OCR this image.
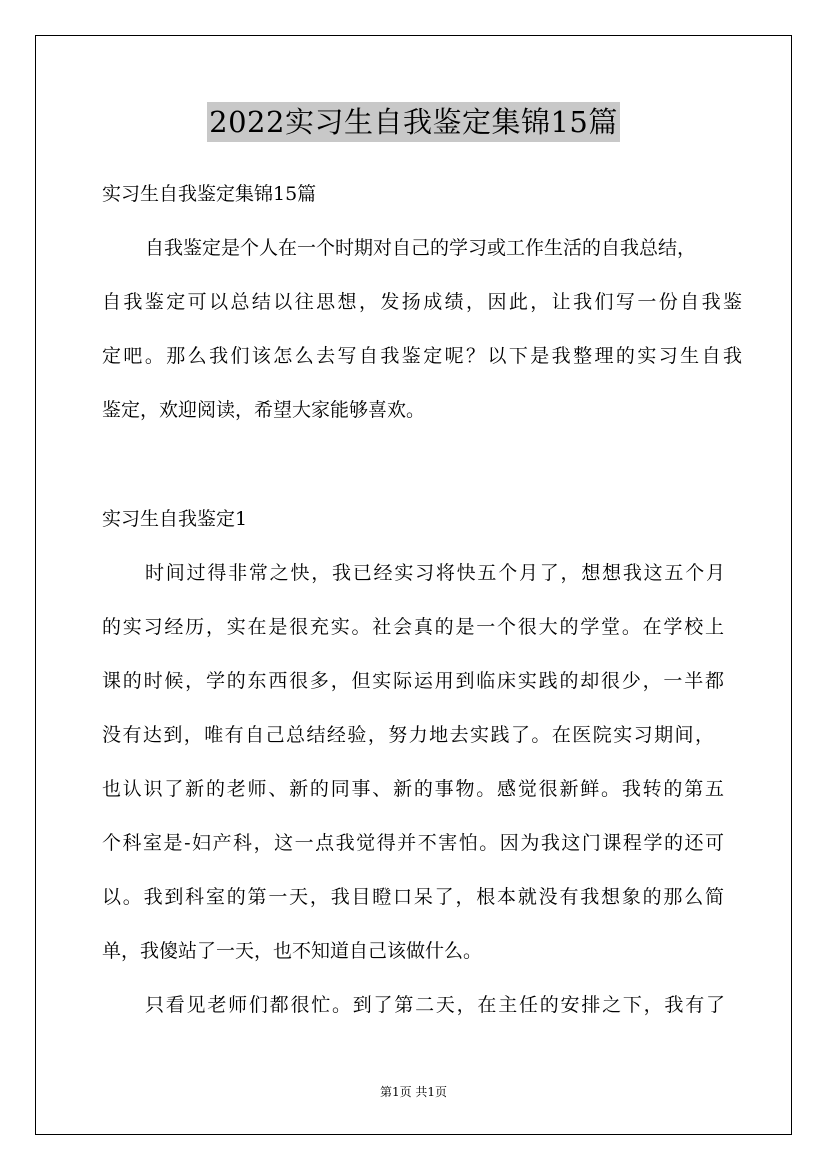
2022实习生自我鉴定集锦15篇
实习生自我鉴定集锦15篇
自我鉴定是个人在一个时期对自己的学习或工作生活的自我总结，
自我鉴定可以总结以往思想，发扬成绩，因此，让我们写一份自我鉴
定吧。那么我们该怎么去写自我鉴定呢？以下是我整理的实习生自我
鉴定，欢迎阅读，希望大家能够喜欢。
实习生自我鉴定1
时间过得非常之快，我已经实习将快五个月了，想想我这五个月
的实习经历，实在是很充实。社会真的是一个很大的学堂。在学校上
课的时候，学的东西很多，但实际运用到临床实践的却很少，一半都
没有达到，唯有自己总结经验，努力地去实践了。在医院实习期间，
也认识了新的老师、新的同事、新的事物。感觉很新鲜。我转的第五
个科室是-妇产科，这一点我觉得并不害怕。因为我这门课程学的还可
以。我到科室的第一天，我目瞪口呆了，根本就没有我想象的那么简
单，我傻站了一天，也不知道自己该做什么。
只看见老师们都很忙。到了第二天，在主任的安排之下，我有了
第1页 共1页
